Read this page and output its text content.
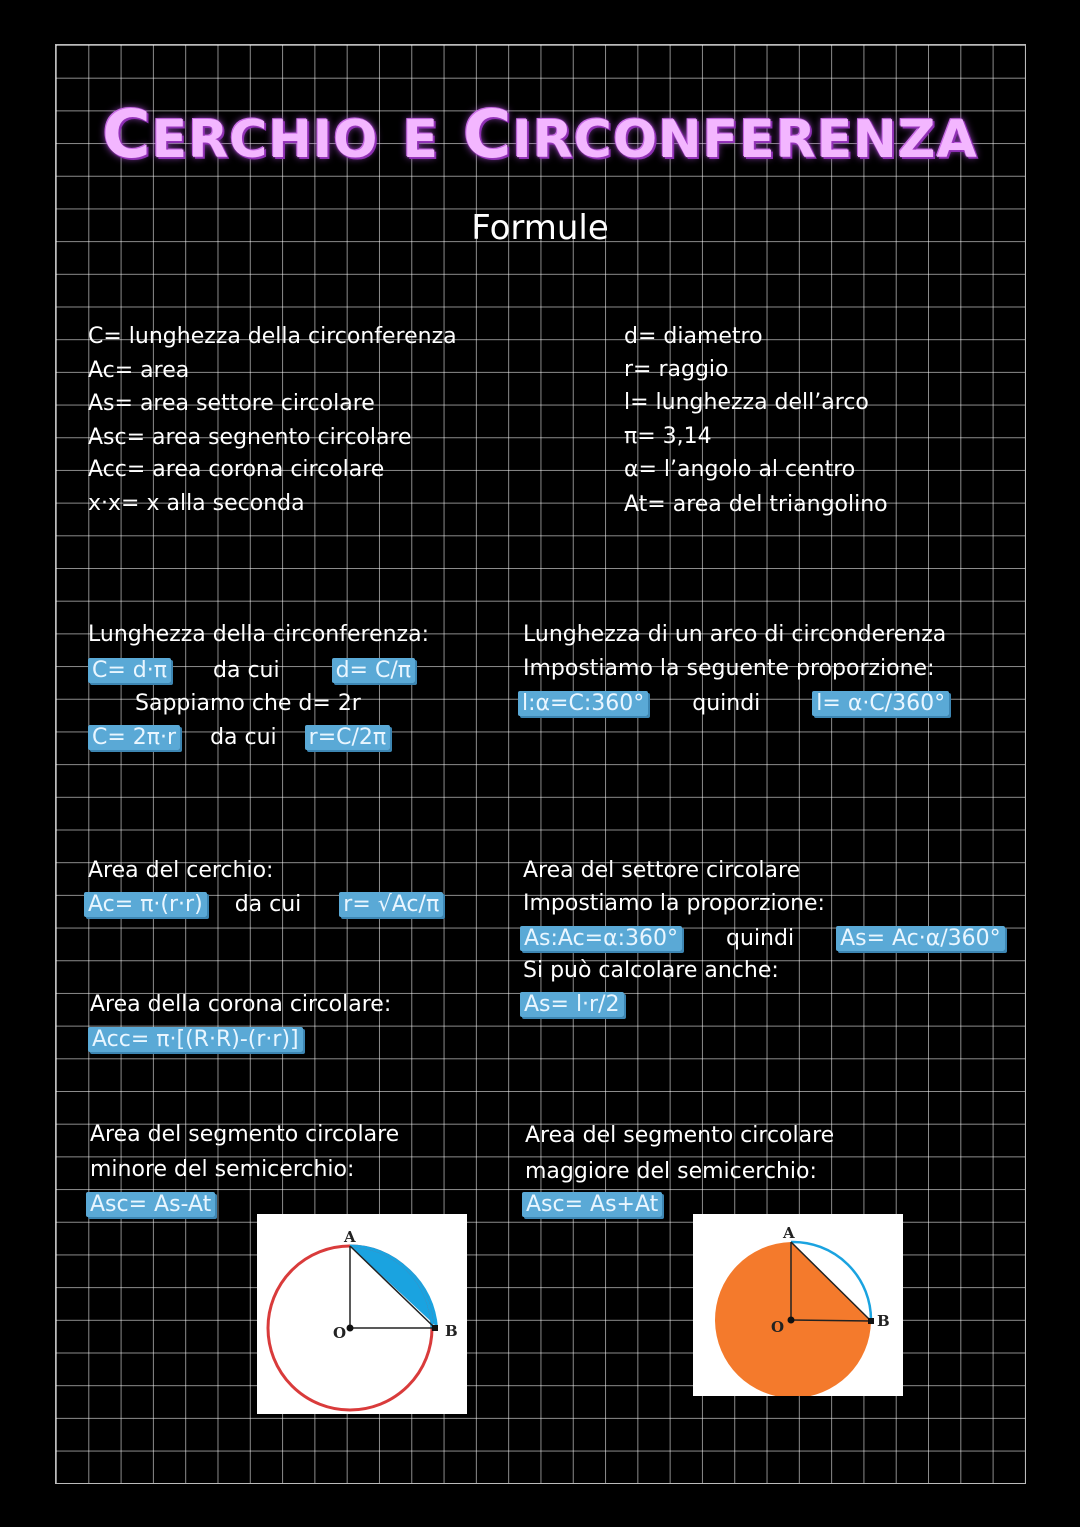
CERCHIO E CIRCONFERENZA
Formule
C= lunghezza della circonferenza
Ac= area
As= area settore circolare
Asc= area segnento circolare
Acc= area corona circolare
x·x= x alla seconda
d= diametro
r= raggio
l= lunghezza dell’arco
π= 3,14
α= l’angolo al centro
At= area del triangolino
Lunghezza della circonferenza:
C= d·π da cui	d= C/π
Sappiamo che d= 2r
C= 2π·r da cui r=C/2π
Lunghezza di un arco di circonderenza
Impostiamo la seguente proporzione:
l:α=C:360° quindi	l= α·C/360°
Area del cerchio:
Ac= π·(r·r) da cui r= √Ac/π
Area del settore circolare
Impostiamo la proporzione:
As:Ac=α:360° quindi As= Ac·α/360°
Si può calcolare anche:
As= l·r/2
Area della corona circolare:
Acc= π·[(R·R)-(r·r)]
Area del segmento circolare
minore del semicerchio:
Asc= As-At
Area del segmento circolare
maggiore del semicerchio:
Asc= As+At
A
O	B
A
O	B
